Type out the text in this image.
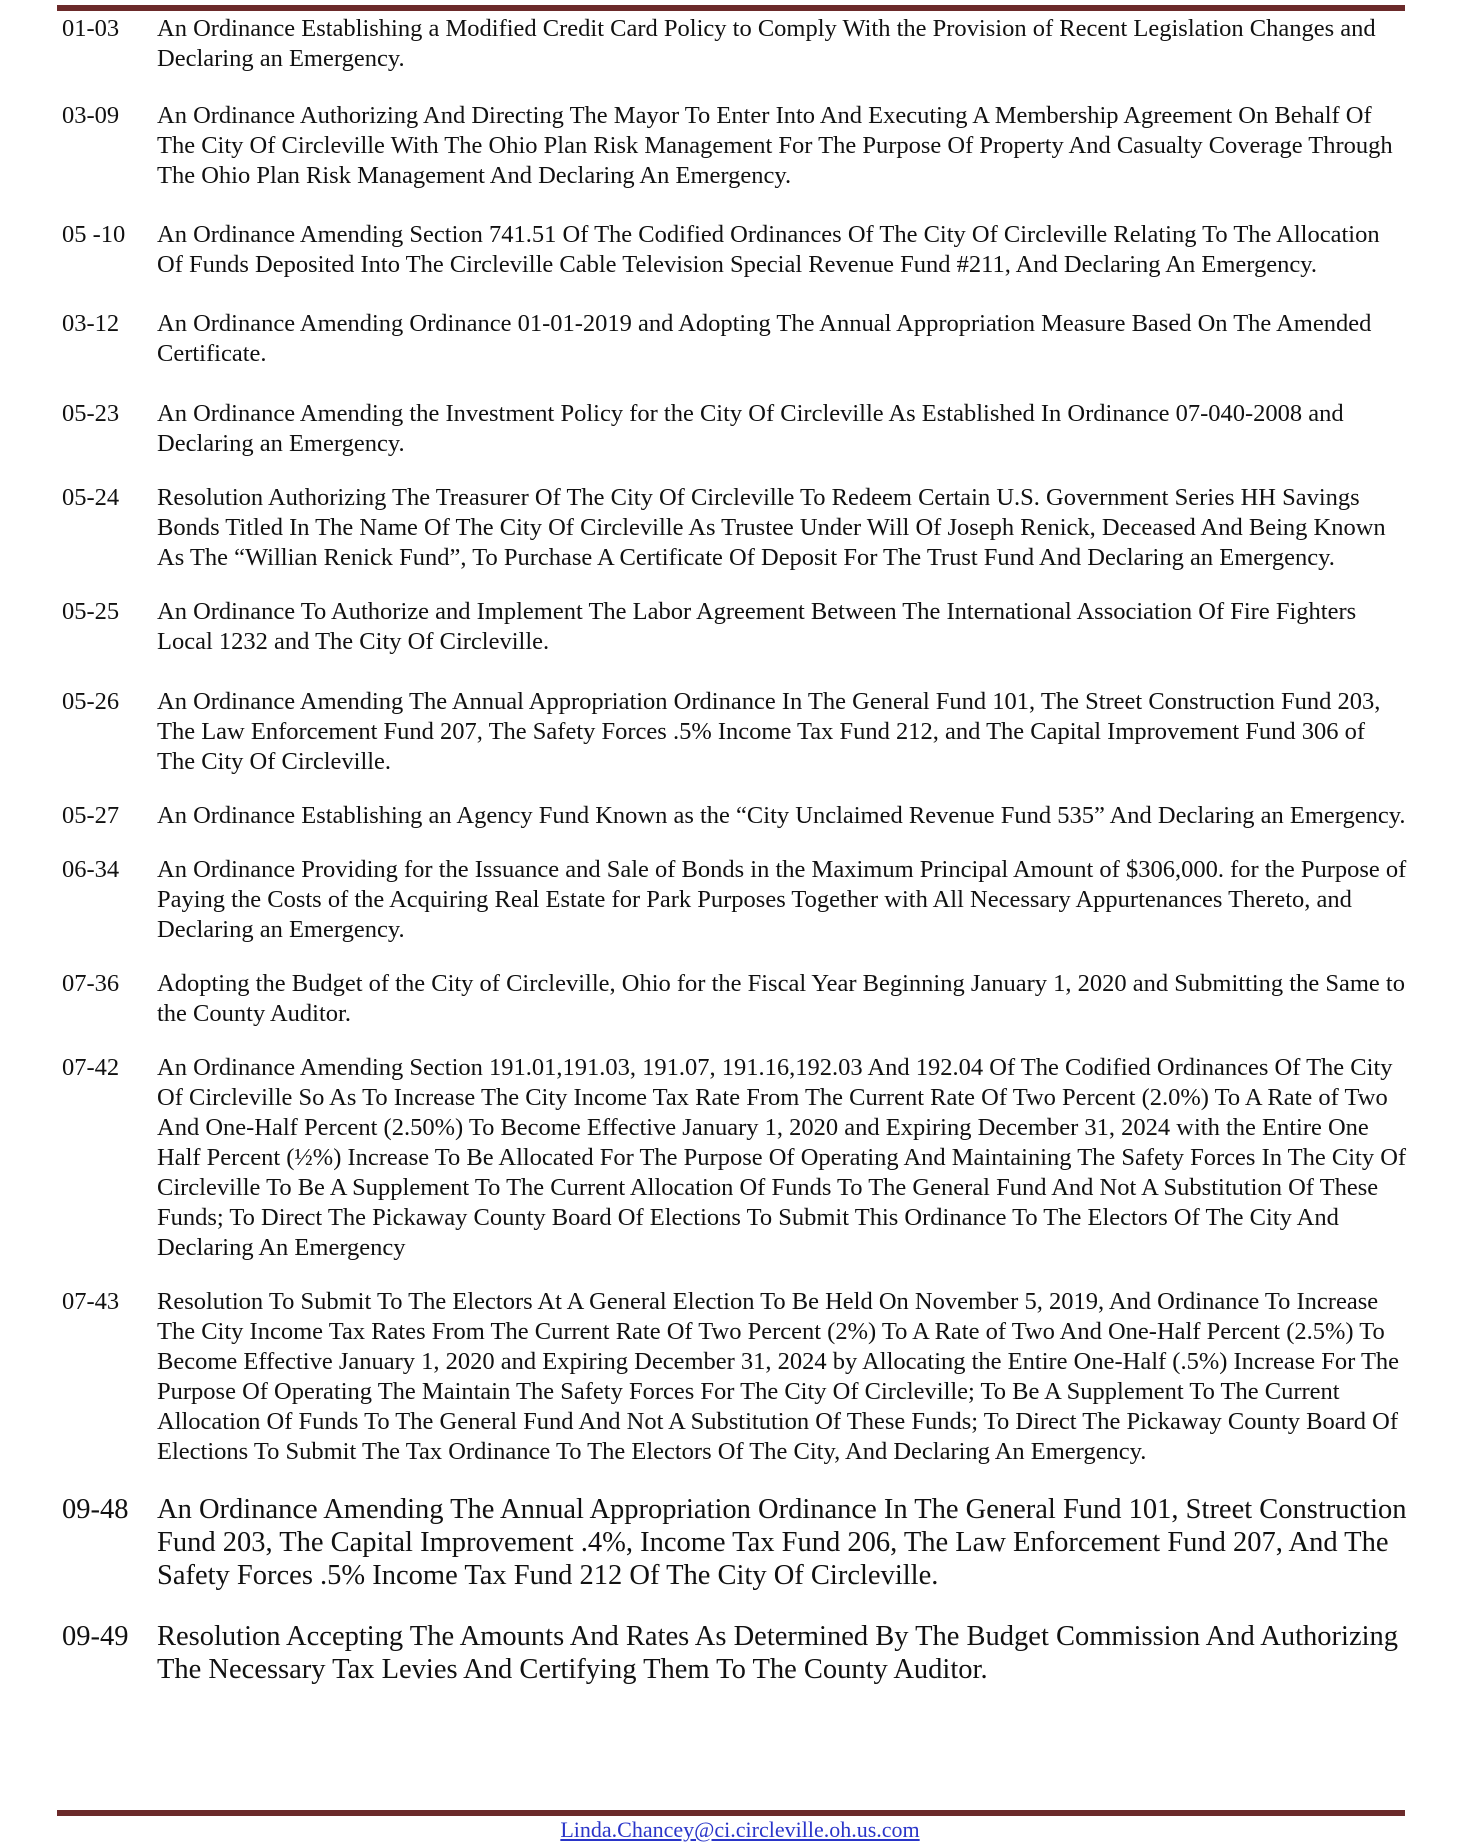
01-03	An Ordinance Establishing a Modified Credit Card Policy to Comply With the Provision of Recent Legislation Changes and Declaring an Emergency.
03-09	An Ordinance Authorizing And Directing The Mayor To Enter Into And Executing A Membership Agreement On Behalf Of The City Of Circleville With The Ohio Plan Risk Management For The Purpose Of Property And Casualty Coverage Through The Ohio Plan Risk Management And Declaring An Emergency.
05 -10	An Ordinance Amending Section 741.51 Of The Codified Ordinances Of The City Of Circleville Relating To The Allocation Of Funds Deposited Into The Circleville Cable Television Special Revenue Fund #211, And Declaring An Emergency.
03-12	An Ordinance Amending Ordinance 01-01-2019 and Adopting The Annual Appropriation Measure Based On The Amended Certificate.
05-23	An Ordinance Amending the Investment Policy for the City Of Circleville As Established In Ordinance 07-040-2008 and Declaring an Emergency.
05-24	Resolution Authorizing The Treasurer Of The City Of Circleville To Redeem Certain U.S. Government Series HH Savings Bonds Titled In The Name Of The City Of Circleville As Trustee Under Will Of Joseph Renick, Deceased And Being Known As The “Willian Renick Fund”, To Purchase A Certificate Of Deposit For The Trust Fund And Declaring an Emergency.
05-25	An Ordinance To Authorize and Implement The Labor Agreement Between The International Association Of Fire Fighters Local 1232 and The City Of Circleville.
05-26	An Ordinance Amending The Annual Appropriation Ordinance In The General Fund 101, The Street Construction Fund 203, The Law Enforcement Fund 207, The Safety Forces .5% Income Tax Fund 212, and The Capital Improvement Fund 306 of The City Of Circleville.
05-27	An Ordinance Establishing an Agency Fund Known as the “City Unclaimed Revenue Fund 535” And Declaring an Emergency.
06-34	An Ordinance Providing for the Issuance and Sale of Bonds in the Maximum Principal Amount of $306,000. for the Purpose of Paying the Costs of the Acquiring Real Estate for Park Purposes Together with All Necessary Appurtenances Thereto, and Declaring an Emergency.
07-36	Adopting the Budget of the City of Circleville, Ohio for the Fiscal Year Beginning January 1, 2020 and Submitting the Same to the County Auditor.
07-42	An Ordinance Amending Section 191.01,191.03, 191.07, 191.16,192.03 And 192.04 Of The Codified Ordinances Of The City Of Circleville So As To Increase The City Income Tax Rate From The Current Rate Of Two Percent (2.0%) To A Rate of Two And One-Half Percent (2.50%) To Become Effective January 1, 2020 and Expiring December 31, 2024 with the Entire One Half Percent (½%) Increase To Be Allocated For The Purpose Of Operating And Maintaining The Safety Forces In The City Of Circleville To Be A Supplement To The Current Allocation Of Funds To The General Fund And Not A Substitution Of These Funds; To Direct The Pickaway County Board Of Elections To Submit This Ordinance To The Electors Of The City And Declaring An Emergency
07-43	Resolution To Submit To The Electors At A General Election To Be Held On November 5, 2019, And Ordinance To Increase The City Income Tax Rates From The Current Rate Of Two Percent (2%) To A Rate of Two And One-Half Percent (2.5%) To Become Effective January 1, 2020 and Expiring December 31, 2024 by Allocating the Entire One-Half (.5%) Increase For The Purpose Of Operating The Maintain The Safety Forces For The City Of Circleville; To Be A Supplement To The Current Allocation Of Funds To The General Fund And Not A Substitution Of These Funds; To Direct The Pickaway County Board Of Elections To Submit The Tax Ordinance To The Electors Of The City, And Declaring An Emergency.
09-48	An Ordinance Amending The Annual Appropriation Ordinance In The General Fund 101, Street Construction Fund 203, The Capital Improvement .4%, Income Tax Fund 206, The Law Enforcement Fund 207, And The Safety Forces .5% Income Tax Fund 212 Of The City Of Circleville.
09-49	Resolution Accepting The Amounts And Rates As Determined By The Budget Commission And Authorizing The Necessary Tax Levies And Certifying Them To The County Auditor.
Linda.Chancey@ci.circleville.oh.us.com
